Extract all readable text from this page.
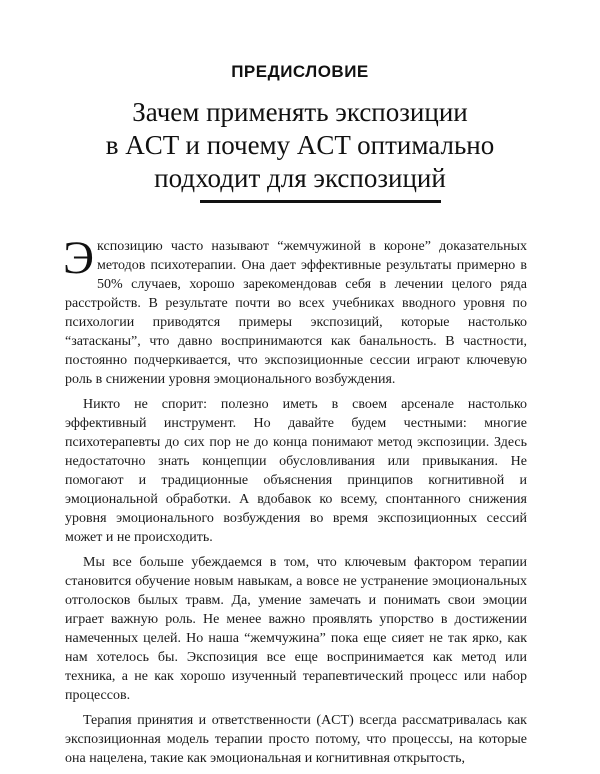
ПРЕДИСЛОВИЕ
Зачем применять экспозиции
в ACT и почему ACT оптимально
подходит для экспозиций

Экспозицию часто называют “жемчужиной в короне” доказательных методов психотерапии. Она дает эффективные результаты примерно в 50% случаев, хорошо зарекомендовав себя в лечении целого ряда расстройств. В результате почти во всех учебниках вводного уровня по психологии приводятся примеры экспозиций, которые настолько “затасканы”, что давно воспринимаются как банальность. В частности, постоянно подчеркивается, что экспозиционные сессии играют ключевую роль в снижении уровня эмоционального возбуждения.

Никто не спорит: полезно иметь в своем арсенале настолько эффективный инструмент. Но давайте будем честными: многие психотерапевты до сих пор не до конца понимают метод экспозиции. Здесь недостаточно знать концепции обусловливания или привыкания. Не помогают и традиционные объяснения принципов когнитивной и эмоциональной обработки. А вдобавок ко всему, спонтанного снижения уровня эмоционального возбуждения во время экспозиционных сессий может и не происходить.

Мы все больше убеждаемся в том, что ключевым фактором терапии становится обучение новым навыкам, а вовсе не устранение эмоциональных отголосков былых травм. Да, умение замечать и понимать свои эмоции играет важную роль. Не менее важно проявлять упорство в достижении намеченных целей. Но наша “жемчужина” пока еще сияет не так ярко, как нам хотелось бы. Экспозиция все еще воспринимается как метод или техника, а не как хорошо изученный терапевтический процесс или набор процессов.

Терапия принятия и ответственности (ACT) всегда рассматривалась как экспозиционная модель терапии просто потому, что процессы, на которые она нацелена, такие как эмоциональная и когнитивная открытость,
